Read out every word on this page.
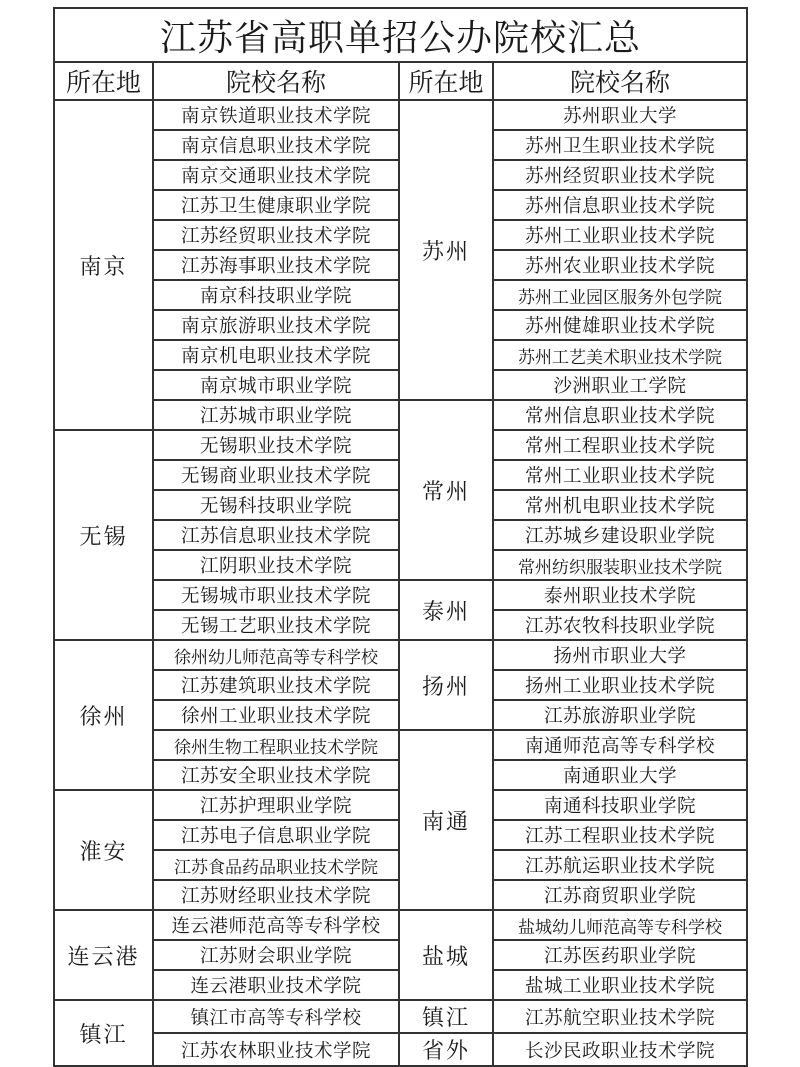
江苏省高职单招公办院校汇总			
所在地	院校名称	所在地	院校名称
南京	南京铁道职业技术学院	苏州	苏州职业大学
	南京信息职业技术学院		苏州卫生职业技术学院
	南京交通职业技术学院		苏州经贸职业技术学院
	江苏卫生健康职业学院		苏州信息职业技术学院
	江苏经贸职业技术学院		苏州工业职业技术学院
	江苏海事职业技术学院		苏州农业职业技术学院
	南京科技职业学院		苏州工业园区服务外包学院
	南京旅游职业技术学院		苏州健雄职业技术学院
	南京机电职业技术学院		苏州工艺美术职业技术学院
	南京城市职业学院		沙洲职业工学院
	江苏城市职业学院	常州	常州信息职业技术学院
无锡	无锡职业技术学院		常州工程职业技术学院
	无锡商业职业技术学院		常州工业职业技术学院
	无锡科技职业学院		常州机电职业技术学院
	江苏信息职业技术学院		江苏城乡建设职业学院
	江阴职业技术学院		常州纺织服装职业技术学院
	无锡城市职业技术学院	泰州	泰州职业技术学院
	无锡工艺职业技术学院		江苏农牧科技职业学院
徐州	徐州幼儿师范高等专科学校	扬州	扬州市职业大学
	江苏建筑职业技术学院		扬州工业职业技术学院
	徐州工业职业技术学院		江苏旅游职业学院
	徐州生物工程职业技术学院	南通	南通师范高等专科学校
	江苏安全职业技术学院		南通职业大学
淮安	江苏护理职业学院		南通科技职业学院
	江苏电子信息职业学院		江苏工程职业技术学院
	江苏食品药品职业技术学院		江苏航运职业技术学院
	江苏财经职业技术学院		江苏商贸职业学院
连云港	连云港师范高等专科学校	盐城	盐城幼儿师范高等专科学校
	江苏财会职业学院		江苏医药职业学院
	连云港职业技术学院		盐城工业职业技术学院
镇江	镇江市高等专科学校	镇江	江苏航空职业技术学院
	江苏农林职业技术学院	省外	长沙民政职业技术学院
